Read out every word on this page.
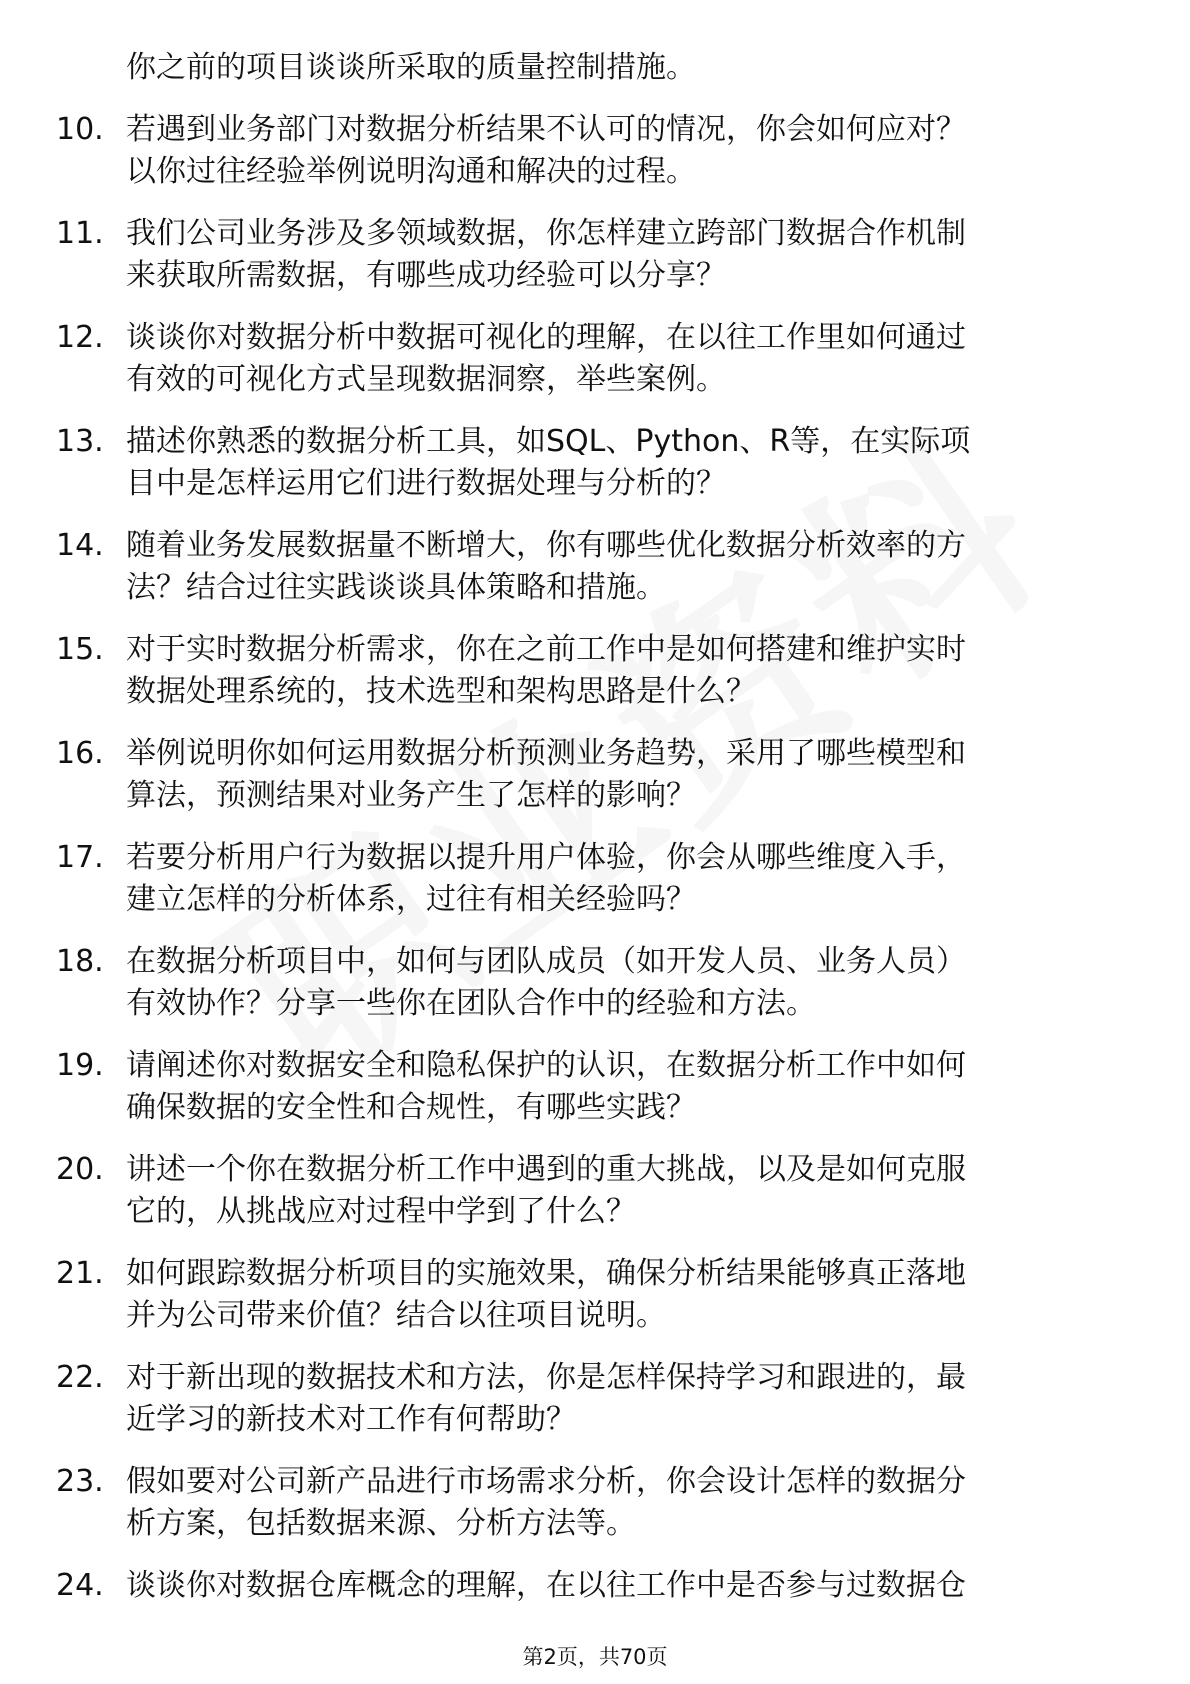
你之前的项目谈谈所采取的质量控制措施。
10. 若遇到业务部门对数据分析结果不认可的情况，你会如何应对？
以你过往经验举例说明沟通和解决的过程。
11. 我们公司业务涉及多领域数据，你怎样建立跨部门数据合作机制
来获取所需数据，有哪些成功经验可以分享？
12. 谈谈你对数据分析中数据可视化的理解，在以往工作里如何通过
有效的可视化方式呈现数据洞察，举些案例。
13. 描述你熟悉的数据分析工具，如SQL、Python、R等，在实际项
目中是怎样运用它们进行数据处理与分析的？
14. 随着业务发展数据量不断增大，你有哪些优化数据分析效率的方
法？结合过往实践谈谈具体策略和措施。
15. 对于实时数据分析需求，你在之前工作中是如何搭建和维护实时
数据处理系统的，技术选型和架构思路是什么？
16. 举例说明你如何运用数据分析预测业务趋势，采用了哪些模型和
算法，预测结果对业务产生了怎样的影响？
17. 若要分析用户行为数据以提升用户体验，你会从哪些维度入手，
建立怎样的分析体系，过往有相关经验吗？
18. 在数据分析项目中，如何与团队成员（如开发人员、业务人员）
有效协作？分享一些你在团队合作中的经验和方法。
19. 请阐述你对数据安全和隐私保护的认识，在数据分析工作中如何
确保数据的安全性和合规性，有哪些实践？
20. 讲述一个你在数据分析工作中遇到的重大挑战，以及是如何克服
它的，从挑战应对过程中学到了什么？
21. 如何跟踪数据分析项目的实施效果，确保分析结果能够真正落地
并为公司带来价值？结合以往项目说明。
22. 对于新出现的数据技术和方法，你是怎样保持学习和跟进的，最
近学习的新技术对工作有何帮助？
23. 假如要对公司新产品进行市场需求分析，你会设计怎样的数据分
析方案，包括数据来源、分析方法等。
24. 谈谈你对数据仓库概念的理解，在以往工作中是否参与过数据仓
第2页，共70页
